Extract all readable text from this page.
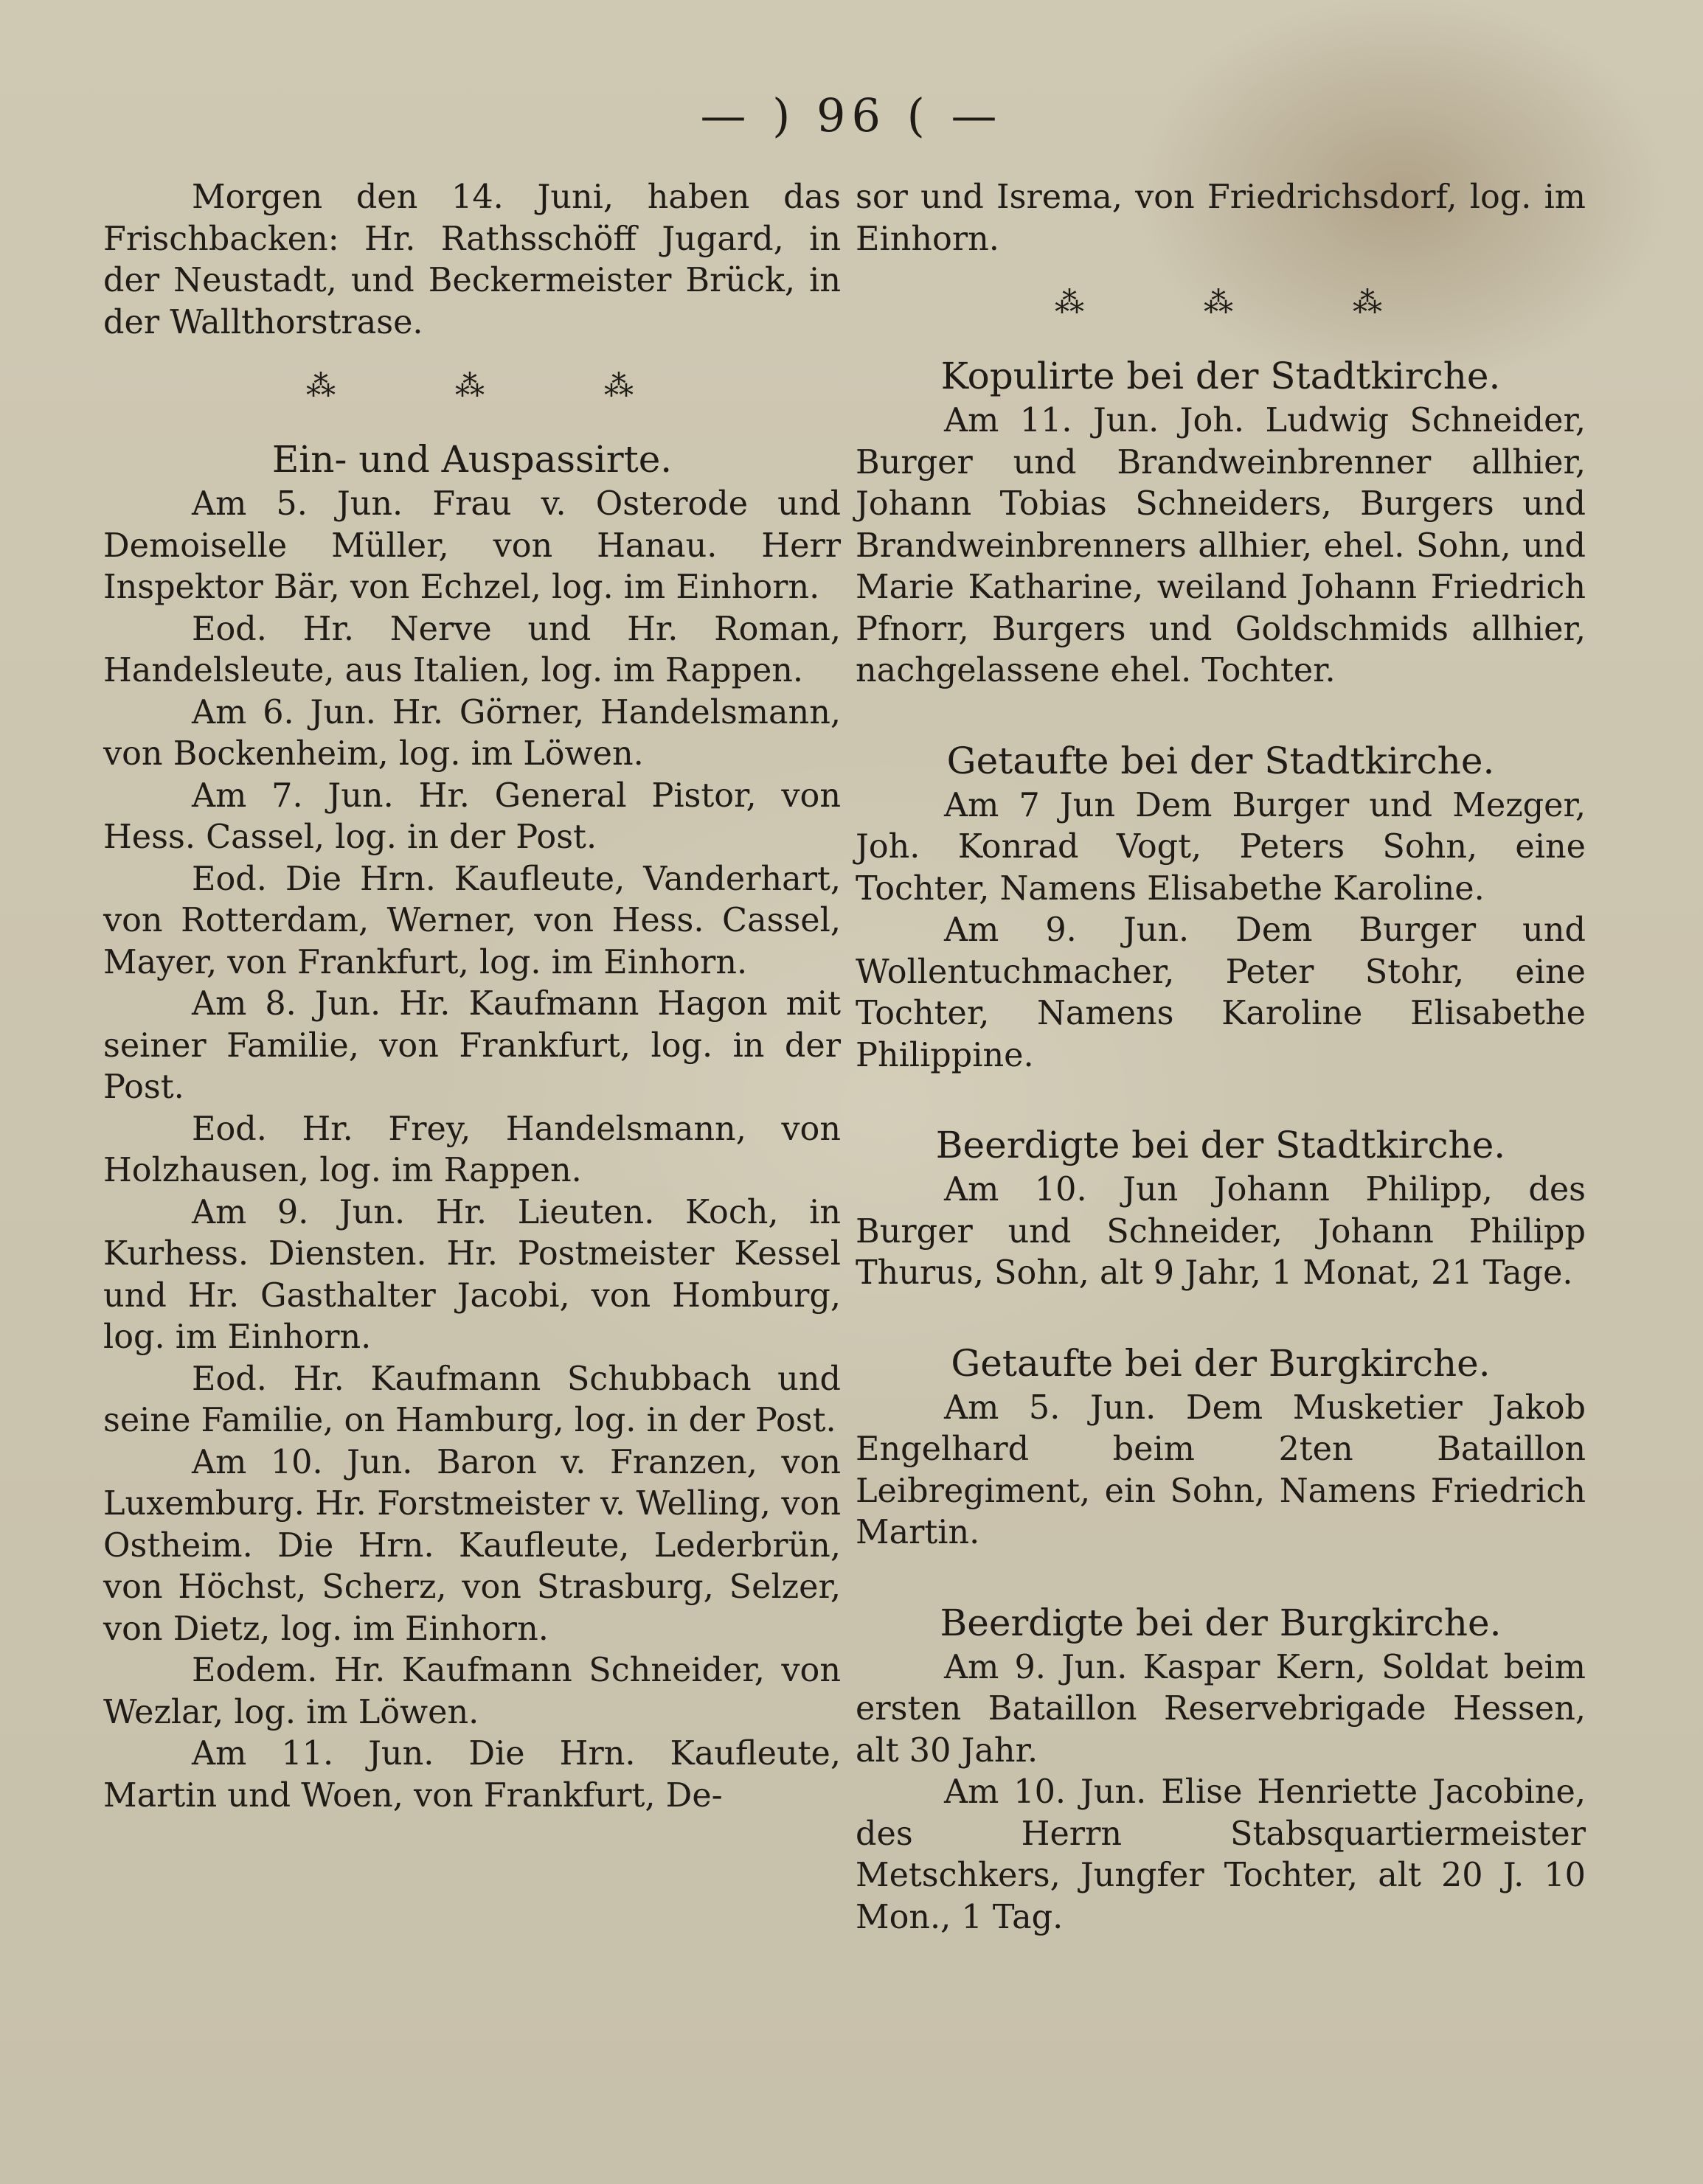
— ) 96 ( —

Morgen den 14. Juni, haben das Frischbacken: Hr. Rathsschöff Jugard, in der Neustadt, und Beckermeister Brück, in der Wallthorstrase.

⁂	⁂	⁂
Ein- und Auspassirte.

Am 5. Jun. Frau v. Osterode und Demoiselle Müller, von Hanau. Herr Inspektor Bär, von Echzel, log. im Einhorn.

Eod. Hr. Nerve und Hr. Roman, Handelsleute, aus Italien, log. im Rappen.

Am 6. Jun. Hr. Görner, Handelsmann, von Bockenheim, log. im Löwen.

Am 7. Jun. Hr. General Pistor, von Hess. Cassel, log. in der Post.

Eod. Die Hrn. Kaufleute, Vanderhart, von Rotterdam, Werner, von Hess. Cassel, Mayer, von Frankfurt, log. im Einhorn.

Am 8. Jun. Hr. Kaufmann Hagon mit seiner Familie, von Frankfurt, log. in der Post.

Eod. Hr. Frey, Handelsmann, von Holzhausen, log. im Rappen.

Am 9. Jun. Hr. Lieuten. Koch, in Kurhess. Diensten. Hr. Postmeister Kessel und Hr. Gasthalter Jacobi, von Homburg, log. im Einhorn.

Eod. Hr. Kaufmann Schubbach und seine Familie, on Hamburg, log. in der Post.

Am 10. Jun. Baron v. Franzen, von Luxemburg. Hr. Forstmeister v. Welling, von Ostheim. Die Hrn. Kaufleute, Lederbrün, von Höchst, Scherz, von Strasburg, Selzer, von Dietz, log. im Einhorn.

Eodem. Hr. Kaufmann Schneider, von Wezlar, log. im Löwen.

Am 11. Jun. Die Hrn. Kaufleute, Martin und Woen, von Frankfurt, De-

sor und Isrema, von Friedrichsdorf, log. im Einhorn.

⁂	⁂	⁂
Kopulirte bei der Stadtkirche.

Am 11. Jun. Joh. Ludwig Schneider, Burger und Brandweinbrenner allhier, Johann Tobias Schneiders, Burgers und Brandweinbrenners allhier, ehel. Sohn, und Marie Katharine, weiland Johann Friedrich Pfnorr, Burgers und Goldschmids allhier, nachgelassene ehel. Tochter.

Getaufte bei der Stadtkirche.

Am 7 Jun Dem Burger und Mezger, Joh. Konrad Vogt, Peters Sohn, eine Tochter, Namens Elisabethe Karoline.

Am 9. Jun. Dem Burger und Wollentuchmacher, Peter Stohr, eine Tochter, Namens Karoline Elisabethe Philippine.

Beerdigte bei der Stadtkirche.

Am 10. Jun Johann Philipp, des Burger und Schneider, Johann Philipp Thurus, Sohn, alt 9 Jahr, 1 Monat, 21 Tage.

Getaufte bei der Burgkirche.

Am 5. Jun. Dem Musketier Jakob Engelhard beim 2ten Bataillon Leibregiment, ein Sohn, Namens Friedrich Martin.

Beerdigte bei der Burgkirche.

Am 9. Jun. Kaspar Kern, Soldat beim ersten Bataillon Reservebrigade Hessen, alt 30 Jahr.

Am 10. Jun. Elise Henriette Jacobine, des Herrn Stabsquartiermeister Metschkers, Jungfer Tochter, alt 20 J. 10 Mon., 1 Tag.
